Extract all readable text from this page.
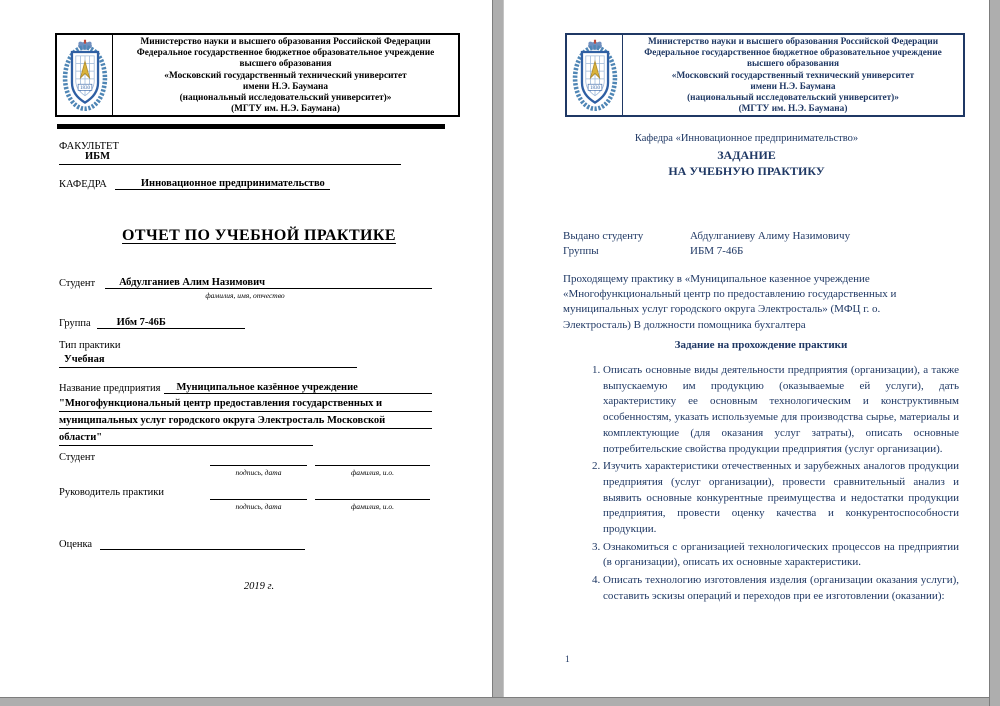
1830
Министерство науки и высшего образования Российской Федерации
Федеральное государственное бюджетное образовательное учреждение
высшего образования
«Московский государственный технический университет
имени Н.Э. Баумана
(национальный исследовательский университет)»
(МГТУ им. Н.Э. Баумана)
ФАКУЛЬТЕТ
ИБМ
КАФЕДРА	Инновационное предпринимательство
ОТЧЕТ ПО УЧЕБНОЙ ПРАКТИКЕ
Студент	Абдулганиев Алим Назимович
фамилия, имя, отчество
Группа	Ибм 7-46Б
Тип практики
Учебная
Название предприятия	Муниципальное казённое учреждение
"Многофункциональный центр предоставления государственных и
муниципальных услуг городского округа Электросталь Московской
области"
Студент
подпись, дата	фамилия, и.о.
Руководитель практики
подпись, дата	фамилия, и.о.
Оценка
2019 г.
1830
Министерство науки и высшего образования Российской Федерации
Федеральное государственное бюджетное образовательное учреждение
высшего образования
«Московский государственный технический университет
имени Н.Э. Баумана
(национальный исследовательский университет)»
(МГТУ им. Н.Э. Баумана)
Кафедра «Инновационное предпринимательство»
ЗАДАНИЕ
НА УЧЕБНУЮ ПРАКТИКУ
Выдано студенту	Абдулганиеву Алиму Назимовичу
Группы	ИБМ 7-46Б
Проходящему практику в «Муниципальное казенное учреждение «Многофункциональный центр по предоставлению государственных и муниципальных услуг городского округа Электросталь» (МФЦ г. о. Электросталь) В должности помощника бухгалтера
Задание на прохождение практики
1. Описать основные виды деятельности предприятия (организации), а также выпускаемую им продукцию (оказываемые ей услуги), дать характеристику ее основным технологическим и конструктивным особенностям, указать используемые для производства сырье, материалы и комплектующие (для оказания услуг затраты), описать основные потребительские свойства продукции предприятия (услуг организации).
2. Изучить характеристики отечественных и зарубежных аналогов продукции предприятия (услуг организации), провести сравнительный анализ и выявить основные конкурентные преимущества и недостатки продукции предприятия, провести оценку качества и конкурентоспособности продукции.
3. Ознакомиться с организацией технологических процессов на предприятии (в организации), описать их основные характеристики.
4. Описать технологию изготовления изделия (организации оказания услуги), составить эскизы операций и переходов при ее изготовлении (оказании):
1
